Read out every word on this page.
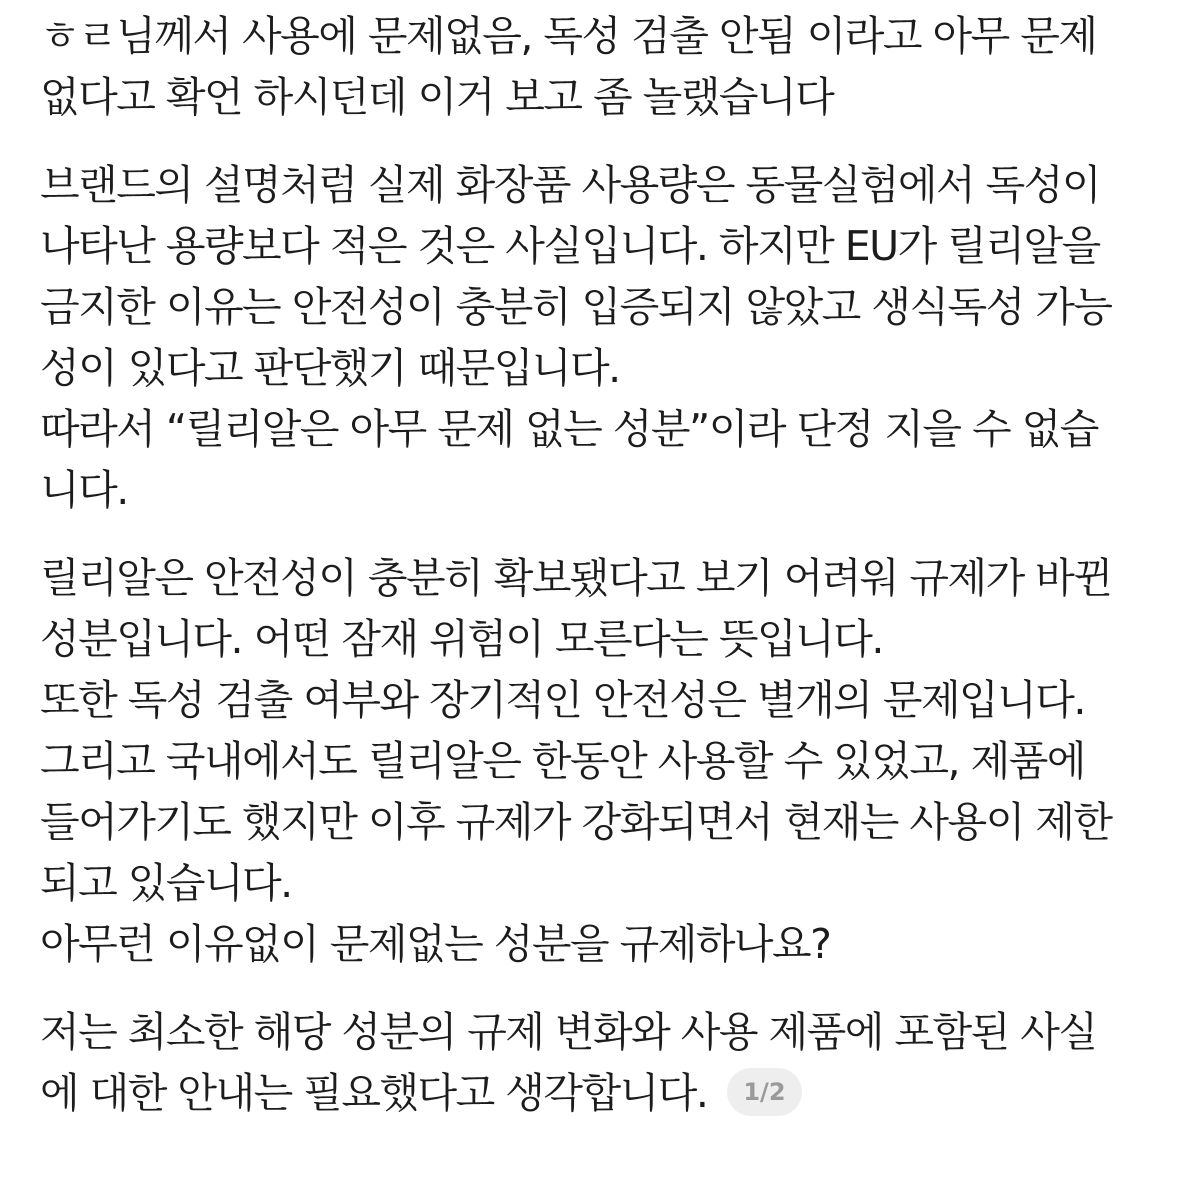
ㅎㄹ님께서 사용에 문제없음, 독성 검출 안됨 이라고 아무 문제
없다고 확언 하시던데 이거 보고 좀 놀랬습니다
브랜드의 설명처럼 실제 화장품 사용량은 동물실험에서 독성이
나타난 용량보다 적은 것은 사실입니다. 하지만 EU가 릴리알을
금지한 이유는 안전성이 충분히 입증되지 않았고 생식독성 가능
성이 있다고 판단했기 때문입니다.
따라서 “릴리알은 아무 문제 없는 성분”이라 단정 지을 수 없습
니다.
릴리알은 안전성이 충분히 확보됐다고 보기 어려워 규제가 바뀐
성분입니다. 어떤 잠재 위험이 모른다는 뜻입니다.
또한 독성 검출 여부와 장기적인 안전성은 별개의 문제입니다.
그리고 국내에서도 릴리알은 한동안 사용할 수 있었고, 제품에
들어가기도 했지만 이후 규제가 강화되면서 현재는 사용이 제한
되고 있습니다.
아무런 이유없이 문제없는 성분을 규제하나요?
저는 최소한 해당 성분의 규제 변화와 사용 제품에 포함된 사실
에 대한 안내는 필요했다고 생각합니다. 1/2
